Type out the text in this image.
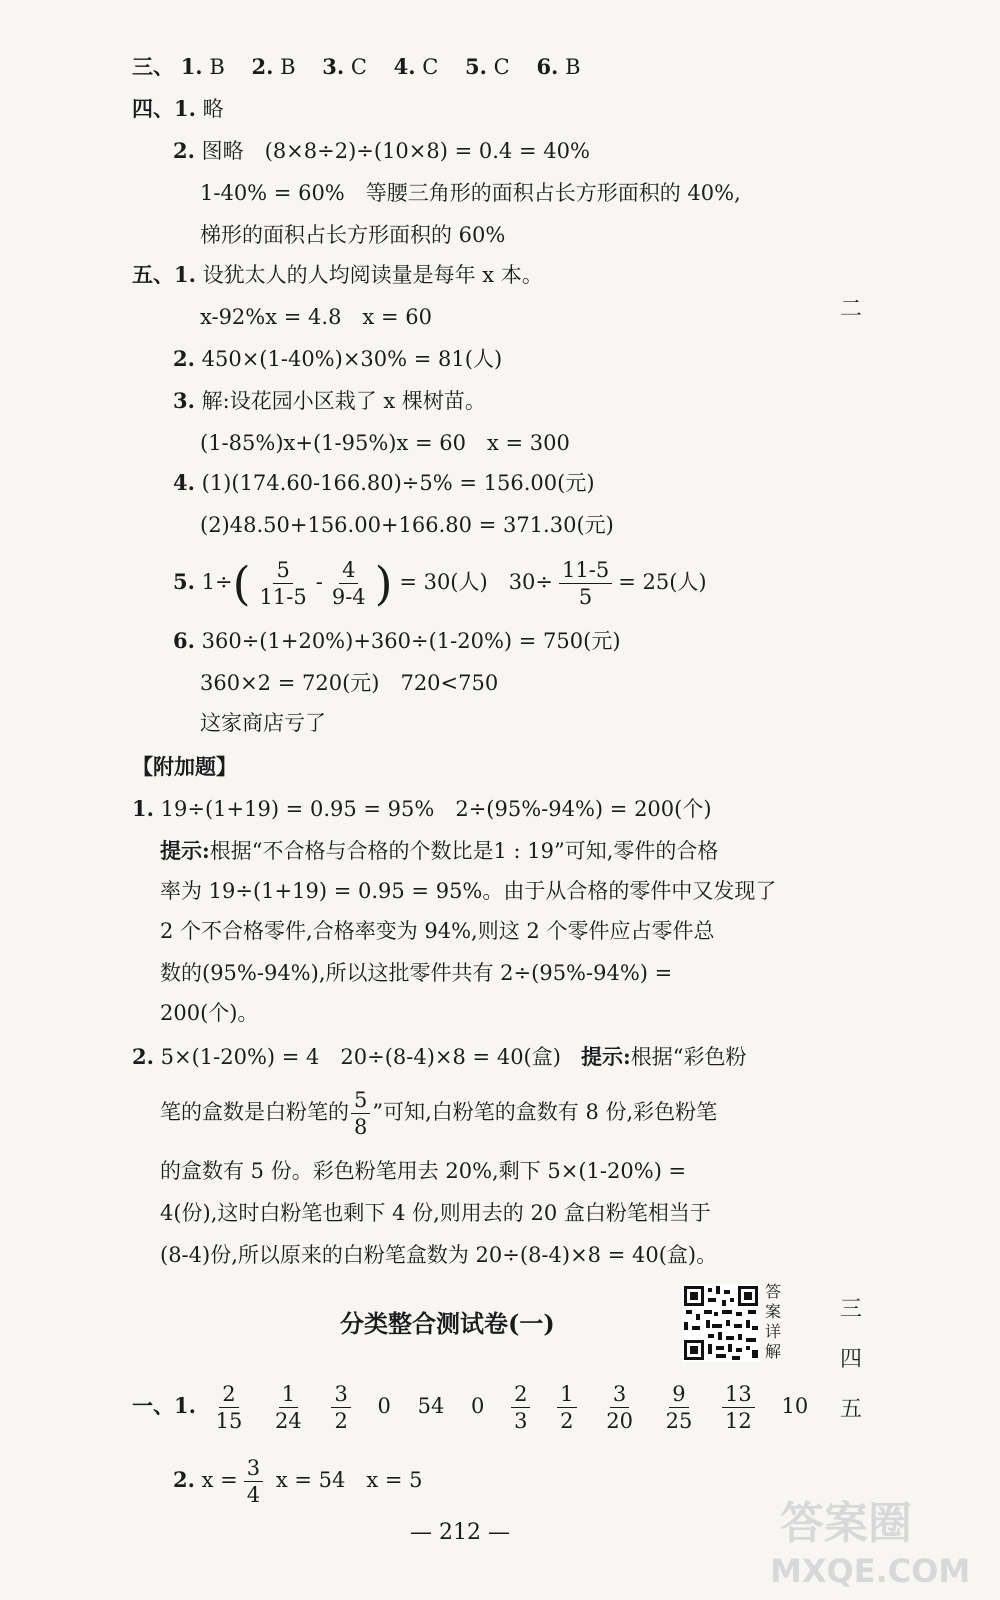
三、 1. B 2. B 3. C 4. C 5. C 6. B
四、1. 略
2. 图略　(8×8÷2)÷(10×8) = 0.4 = 40%
1-40% = 60%　等腰三角形的面积占长方形面积的 40%,
梯形的面积占长方形面积的 60%
五、1. 设犹太人的人均阅读量是每年 x 本。
x-92%x = 4.8　x = 60
2. 450×(1-40%)×30% = 81(人)
3. 解:设花园小区栽了 x 棵树苗。
(1-85%)x+(1-95%)x = 60　x = 300
4. (1)(174.60-166.80)÷5% = 156.00(元)
(2)48.50+156.00+166.80 = 371.30(元)
5. $1\div( \frac{5}{11-5} - \frac{4}{9-4}$ ) = 30(人)　$30\div \frac{11-5}{5} = 25$(人)
6. 360÷(1+20%)+360÷(1-20%) = 750(元)
360×2 = 720(元)　720<750
这家商店亏了
【附加题】
1. 19÷(1+19) = 0.95 = 95%　2÷(95%-94%) = 200(个)
提示:根据“不合格与合格的个数比是1 : 19”可知,零件的合格
率为 19÷(1+19) = 0.95 = 95%。由于从合格的零件中又发现了
2 个不合格零件,合格率变为 94%,则这 2 个零件应占零件总
数的(95%-94%),所以这批零件共有 2÷(95%-94%) =
200(个)。
2. 5×(1-20%) = 4　20÷(8-4)×8 = 40(盒) 提示:根据“彩色粉
笔的盒数是白粉笔的 $\frac{5}{8}$ ”可知,白粉笔的盒数有 8 份,彩色粉笔
的盒数有 5 份。彩色粉笔用去 20%,剩下 5×(1-20%) =
4(份),这时白粉笔也剩下 4 份,则用去的 20 盒白粉笔相当于
(8-4)份,所以原来的白粉笔盒数为 20÷(8-4)×8 = 40(盒)。
分类整合测试卷(一)
答案详解
一、1. $\frac{2}{15}$
$\frac{1}{24}$
$\frac{3}{2} 0$ 54 $0 \frac{2}{3}$
$\frac{1}{2}$
$\frac{3}{20}$
$\frac{9}{25}$
$\frac{13}{12} 10$
2. $x = \frac{3}{4}$ x = 54　x = 5
二
三
四
五
— 212 —	答案圈
MXQE.COM
